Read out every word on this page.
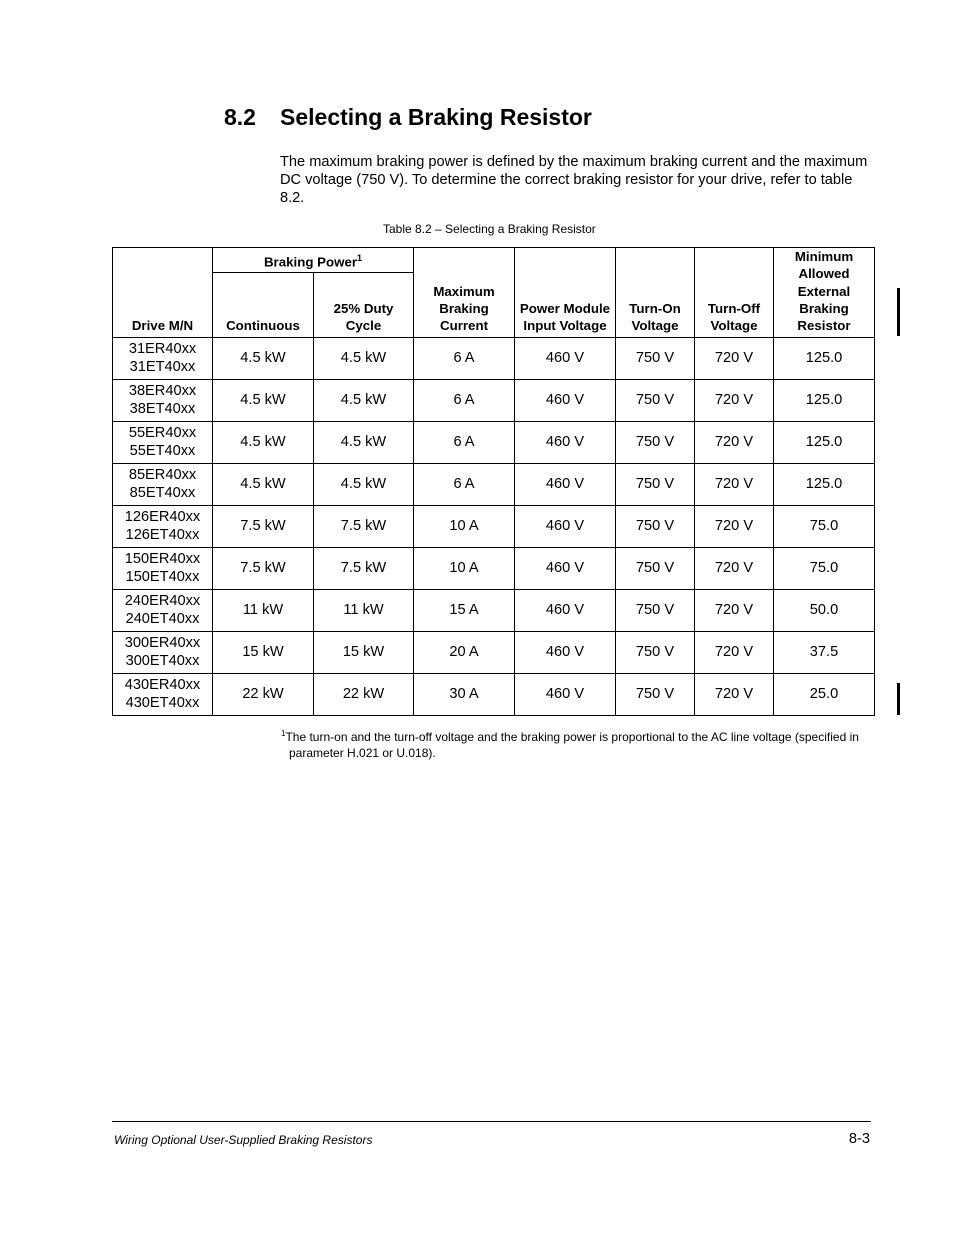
8.2 Selecting a Braking Resistor

The maximum braking power is defined by the maximum braking current and the maximum DC voltage (750 V). To determine the correct braking resistor for your drive, refer to table 8.2.

Table 8.2 – Selecting a Braking Resistor

Drive M/N	Braking Power$^1$		Maximum Braking Current	Power Module Input Voltage	Turn-On Voltage	Turn-Off Voltage	Minimum Allowed External Braking Resistor
	Continuous	25% Duty Cycle					
31ER40xx
31ET40xx	4.5 kW	4.5 kW	6 A	460 V	750 V	720 V	125.0
38ER40xx
38ET40xx	4.5 kW	4.5 kW	6 A	460 V	750 V	720 V	125.0
55ER40xx
55ET40xx	4.5 kW	4.5 kW	6 A	460 V	750 V	720 V	125.0
85ER40xx
85ET40xx	4.5 kW	4.5 kW	6 A	460 V	750 V	720 V	125.0
126ER40xx
126ET40xx	7.5 kW	7.5 kW	10 A	460 V	750 V	720 V	75.0
150ER40xx
150ET40xx	7.5 kW	7.5 kW	10 A	460 V	750 V	720 V	75.0
240ER40xx
240ET40xx	11 kW	11 kW	15 A	460 V	750 V	720 V	50.0
300ER40xx
300ET40xx	15 kW	15 kW	20 A	460 V	750 V	720 V	37.5
430ER40xx
430ET40xx	22 kW	22 kW	30 A	460 V	750 V	720 V	25.0

$^1$The turn-on and the turn-off voltage and the braking power is proportional to the AC line voltage (specified in parameter H.021 or U.018).

Wiring Optional User-Supplied Braking Resistors	8-3
